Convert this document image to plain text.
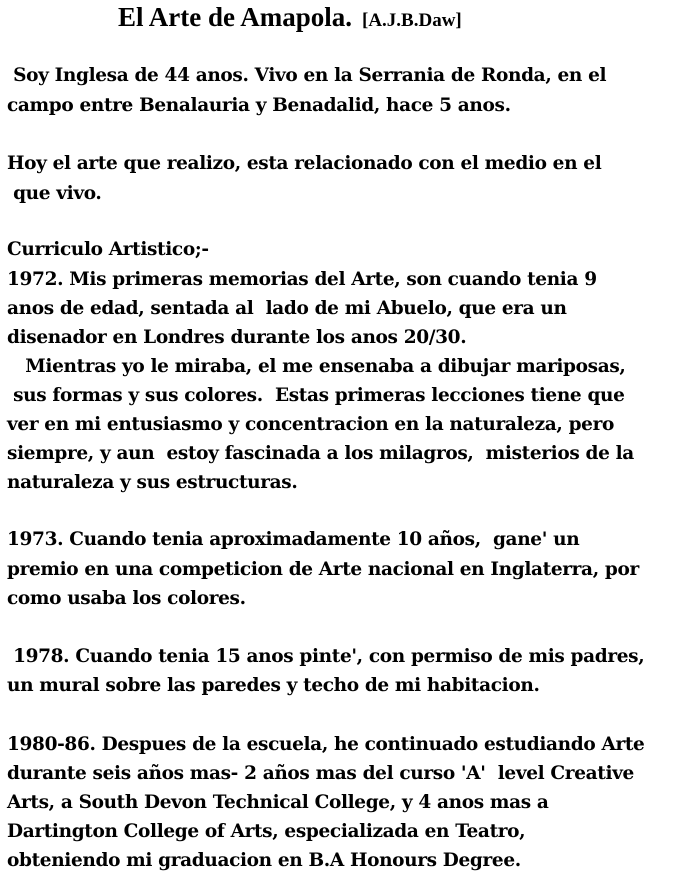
El Arte de Amapola. [A.J.B.Daw]
Soy Inglesa de 44 anos. Vivo en la Serrania de Ronda, en el
campo entre Benalauria y Benadalid, hace 5 anos.
Hoy el arte que realizo, esta relacionado con el medio en el
que vivo.
Curriculo Artistico;-
1972. Mis primeras memorias del Arte, son cuando tenia 9
anos de edad, sentada al  lado de mi Abuelo, que era un
disenador en Londres durante los anos 20/30.
Mientras yo le miraba, el me ensenaba a dibujar mariposas,
sus formas y sus colores.  Estas primeras lecciones tiene que
ver en mi entusiasmo y concentracion en la naturaleza, pero
siempre, y aun  estoy fascinada a los milagros,  misterios de la
naturaleza y sus estructuras.
1973. Cuando tenia aproximadamente 10 años,  gane' un
premio en una competicion de Arte nacional en Inglaterra, por
como usaba los colores.
1978. Cuando tenia 15 anos pinte', con permiso de mis padres,
un mural sobre las paredes y techo de mi habitacion.
1980-86. Despues de la escuela, he continuado estudiando Arte
durante seis años mas- 2 años mas del curso 'A'  level Creative
Arts, a South Devon Technical College, y 4 anos mas a
Dartington College of Arts, especializada en Teatro,
obteniendo mi graduacion en B.A Honours Degree.
